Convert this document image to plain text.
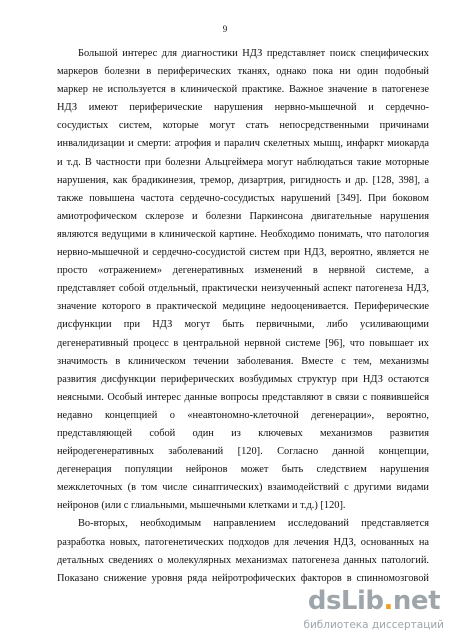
9
Большой интерес для диагностики НДЗ представляет поиск специфических
маркеров болезни в периферических тканях, однако пока ни один подобный
маркер не используется в клинической практике. Важное значение в патогенезе
НДЗ имеют периферические нарушения нервно-мышечной и сердечно-
сосудистых систем, которые могут стать непосредственными причинами
инвалидизации и смерти: атрофия и паралич скелетных мышц, инфаркт миокарда
и т.д. В частности при болезни Альцгеймера могут наблюдаться такие моторные
нарушения, как брадикинезия, тремор, дизартрия, ригидность и др. [128, 398], а
также повышена частота сердечно-сосудистых нарушений [349]. При боковом
амиотрофическом склерозе и болезни Паркинсона двигательные нарушения
являются ведущими в клинической картине. Необходимо понимать, что патология
нервно-мышечной и сердечно-сосудистой систем при НДЗ, вероятно, является не
просто «отражением» дегенеративных изменений в нервной системе, а
представляет собой отдельный, практически неизученный аспект патогенеза НДЗ,
значение которого в практической медицине недооценивается. Периферические
дисфункции при НДЗ могут быть первичными, либо усиливающими
дегенеративный процесс в центральной нервной системе [96], что повышает их
значимость в клиническом течении заболевания. Вместе с тем, механизмы
развития дисфункции периферических возбудимых структур при НДЗ остаются
неясными. Особый интерес данные вопросы представляют в связи с появившейся
недавно концепцией о «неавтономно-клеточной дегенерации», вероятно,
представляющей собой один из ключевых механизмов развития
нейродегенеративных заболеваний [120]. Согласно данной концепции,
дегенерация популяции нейронов может быть следствием нарушения
межклеточных (в том числе синаптических) взаимодействий с другими видами
нейронов (или с глиальными, мышечными клетками и т.д.) [120].
Во-вторых, необходимым направлением исследований представляется
разработка новых, патогенетических подходов для лечения НДЗ, основанных на
детальных сведениях о молекулярных механизмах патогенеза данных патологий.
Показано снижение уровня ряда нейротрофических факторов в спинномозговой
dsLib.net
библиотека диссертаций
